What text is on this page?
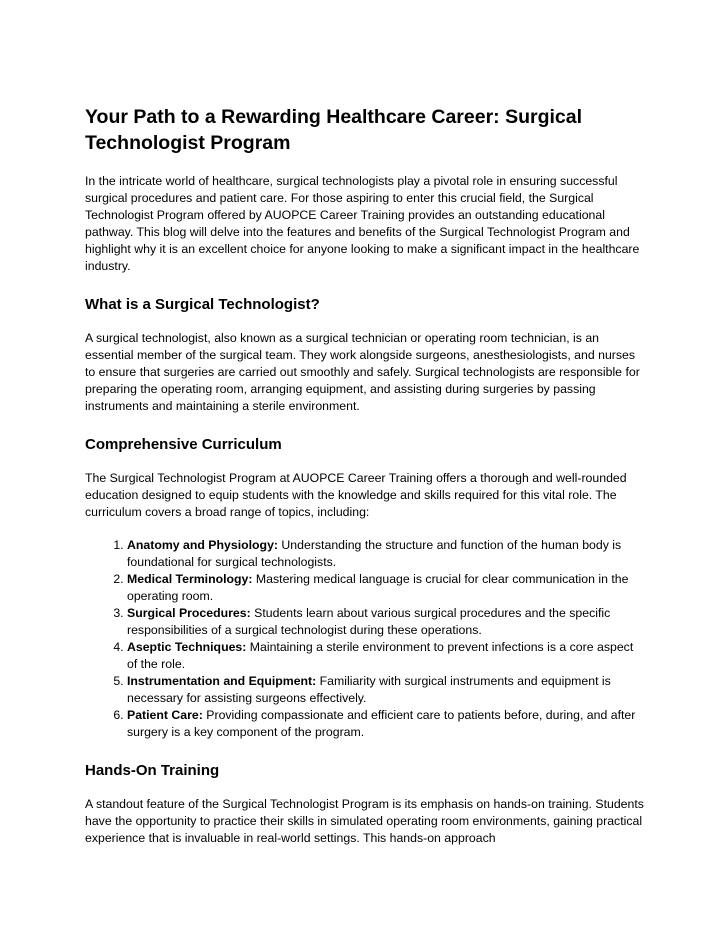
Your Path to a Rewarding Healthcare Career: Surgical Technologist Program

In the intricate world of healthcare, surgical technologists play a pivotal role in ensuring successful surgical procedures and patient care. For those aspiring to enter this crucial field, the Surgical Technologist Program offered by AUOPCE Career Training provides an outstanding educational pathway. This blog will delve into the features and benefits of the Surgical Technologist Program and highlight why it is an excellent choice for anyone looking to make a significant impact in the healthcare industry.

What is a Surgical Technologist?

A surgical technologist, also known as a surgical technician or operating room technician, is an essential member of the surgical team. They work alongside surgeons, anesthesiologists, and nurses to ensure that surgeries are carried out smoothly and safely. Surgical technologists are responsible for preparing the operating room, arranging equipment, and assisting during surgeries by passing instruments and maintaining a sterile environment.

Comprehensive Curriculum

The Surgical Technologist Program at AUOPCE Career Training offers a thorough and well-rounded education designed to equip students with the knowledge and skills required for this vital role. The curriculum covers a broad range of topics, including:

1. Anatomy and Physiology: Understanding the structure and function of the human body is foundational for surgical technologists.
2. Medical Terminology: Mastering medical language is crucial for clear communication in the operating room.
3. Surgical Procedures: Students learn about various surgical procedures and the specific responsibilities of a surgical technologist during these operations.
4. Aseptic Techniques: Maintaining a sterile environment to prevent infections is a core aspect of the role.
5. Instrumentation and Equipment: Familiarity with surgical instruments and equipment is necessary for assisting surgeons effectively.
6. Patient Care: Providing compassionate and efficient care to patients before, during, and after surgery is a key component of the program.
Hands-On Training

A standout feature of the Surgical Technologist Program is its emphasis on hands-on training. Students have the opportunity to practice their skills in simulated operating room environments, gaining practical experience that is invaluable in real-world settings. This hands-on approach
